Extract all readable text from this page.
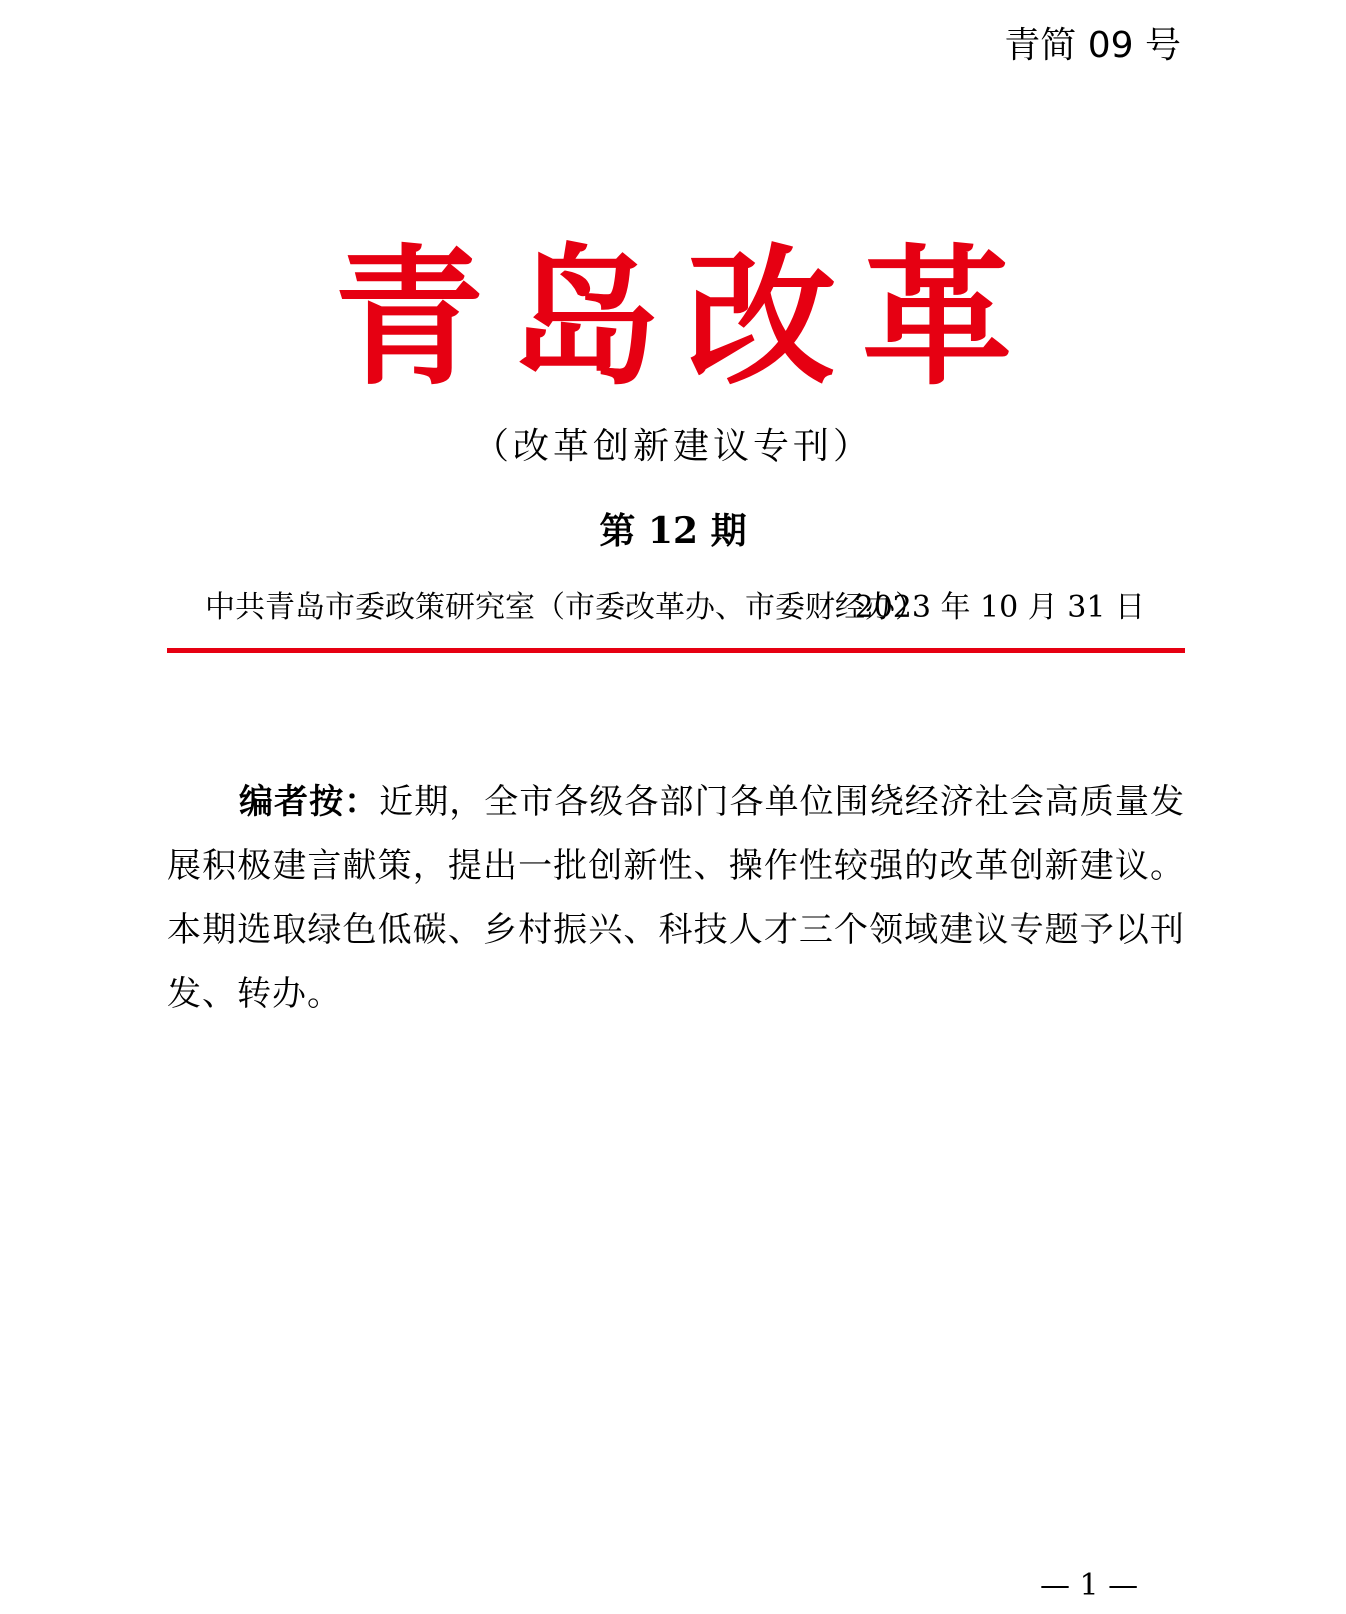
青简 09 号
青岛改革
（改革创新建议专刊）
第 12 期
中共青岛市委政策研究室（市委改革办、市委财经办）
2023 年 10 月 31 日
编者按：近期，全市各级各部门各单位围绕经济社会高质量发展积极建言献策，提出一批创新性、操作性较强的改革创新建议。本期选取绿色低碳、乡村振兴、科技人才三个领域建议专题予以刊发、转办。
— 1 —
